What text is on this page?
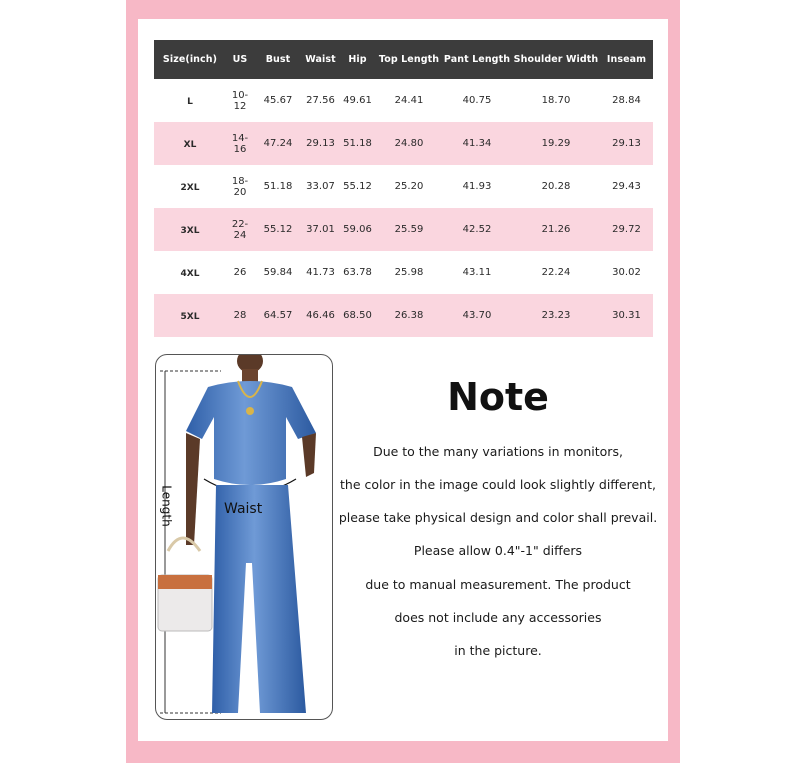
Size(inch)	US	Bust	Waist	Hip	Top Length	Pant Length	Shoulder Width	Inseam
L	10-12	45.67	27.56	49.61	24.41	40.75	18.70	28.84
XL	14-16	47.24	29.13	51.18	24.80	41.34	19.29	29.13
2XL	18-20	51.18	33.07	55.12	25.20	41.93	20.28	29.43
3XL	22-24	55.12	37.01	59.06	25.59	42.52	21.26	29.72
4XL	26	59.84	41.73	63.78	25.98	43.11	22.24	30.02
5XL	28	64.57	46.46	68.50	26.38	43.70	23.23	30.31
Waist
Length
Note
Due to the many variations in monitors,
the color in the image could look slightly different,
please take physical design and color shall prevail.
Please allow 0.4"-1" differs
due to manual measurement. The product
does not include any accessories
in the picture.
